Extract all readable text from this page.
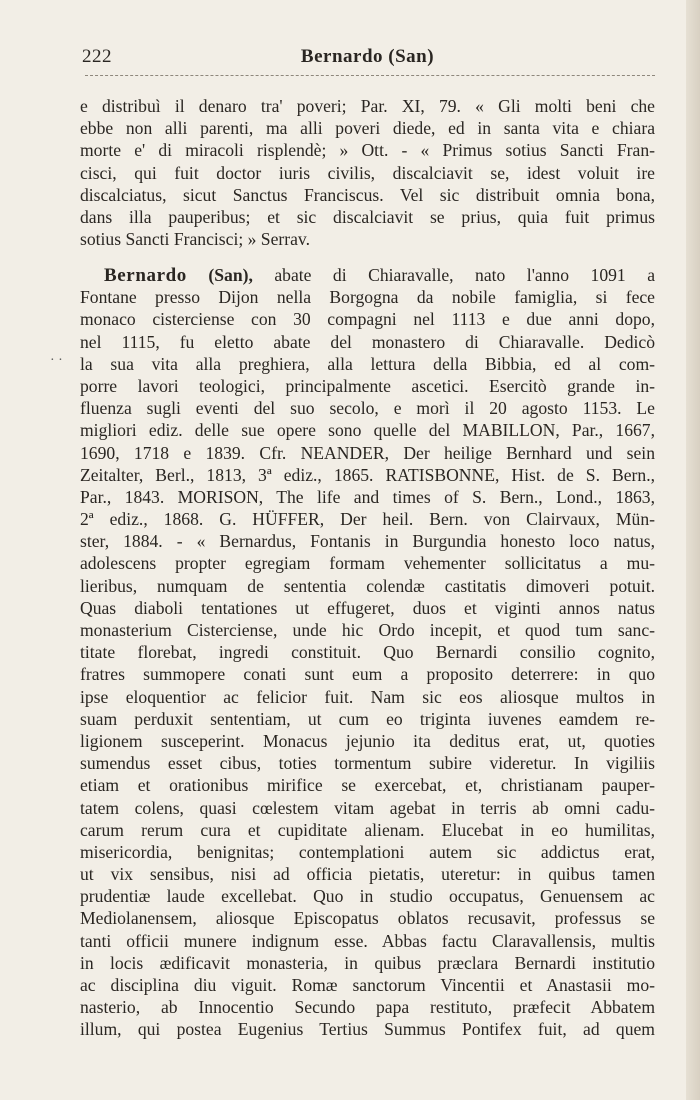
222	Bernardo (San)
· ·
e distribuì il denaro tra' poveri; Par. XI, 79. « Gli molti beni che
ebbe non alli parenti, ma alli poveri diede, ed in santa vita e chiara
morte e' di miracoli risplendè; » Ott. - « Primus sotius Sancti Fran-
cisci, qui fuit doctor iuris civilis, discalciavit se, idest voluit ire
discalciatus, sicut Sanctus Franciscus. Vel sic distribuit omnia bona,
dans illa pauperibus; et sic discalciavit se prius, quia fuit primus
sotius Sancti Francisci; » Serrav.
Bernardo (San), abate di Chiaravalle, nato l'anno 1091 a
Fontane presso Dijon nella Borgogna da nobile famiglia, si fece
monaco cisterciense con 30 compagni nel 1113 e due anni dopo,
nel 1115, fu eletto abate del monastero di Chiaravalle. Dedicò
la sua vita alla preghiera, alla lettura della Bibbia, ed al com-
porre lavori teologici, principalmente ascetici. Esercitò grande in-
fluenza sugli eventi del suo secolo, e morì il 20 agosto 1153. Le
migliori ediz. delle sue opere sono quelle del MABILLON, Par., 1667,
1690, 1718 e 1839. Cfr. NEANDER, Der heilige Bernhard und sein
Zeitalter, Berl., 1813, 3ª ediz., 1865. RATISBONNE, Hist. de S. Bern.,
Par., 1843. MORISON, The life and times of S. Bern., Lond., 1863,
2ª ediz., 1868. G. HÜFFER, Der heil. Bern. von Clairvaux, Mün-
ster, 1884. - « Bernardus, Fontanis in Burgundia honesto loco natus,
adolescens propter egregiam formam vehementer sollicitatus a mu-
lieribus, numquam de sententia colendæ castitatis dimoveri potuit.
Quas diaboli tentationes ut effugeret, duos et viginti annos natus
monasterium Cisterciense, unde hic Ordo incepit, et quod tum sanc-
titate florebat, ingredi constituit. Quo Bernardi consilio cognito,
fratres summopere conati sunt eum a proposito deterrere: in quo
ipse eloquentior ac felicior fuit. Nam sic eos aliosque multos in
suam perduxit sententiam, ut cum eo triginta iuvenes eamdem re-
ligionem susceperint. Monacus jejunio ita deditus erat, ut, quoties
sumendus esset cibus, toties tormentum subire videretur. In vigiliis
etiam et orationibus mirifice se exercebat, et, christianam pauper-
tatem colens, quasi cœlestem vitam agebat in terris ab omni cadu-
carum rerum cura et cupiditate alienam. Elucebat in eo humilitas,
misericordia, benignitas; contemplationi autem sic addictus erat,
ut vix sensibus, nisi ad officia pietatis, uteretur: in quibus tamen
prudentiæ laude excellebat. Quo in studio occupatus, Genuensem ac
Mediolanensem, aliosque Episcopatus oblatos recusavit, professus se
tanti officii munere indignum esse. Abbas factu Claravallensis, multis
in locis ædificavit monasteria, in quibus præclara Bernardi institutio
ac disciplina diu viguit. Romæ sanctorum Vincentii et Anastasii mo-
nasterio, ab Innocentio Secundo papa restituto, præfecit Abbatem
illum, qui postea Eugenius Tertius Summus Pontifex fuit, ad quem
